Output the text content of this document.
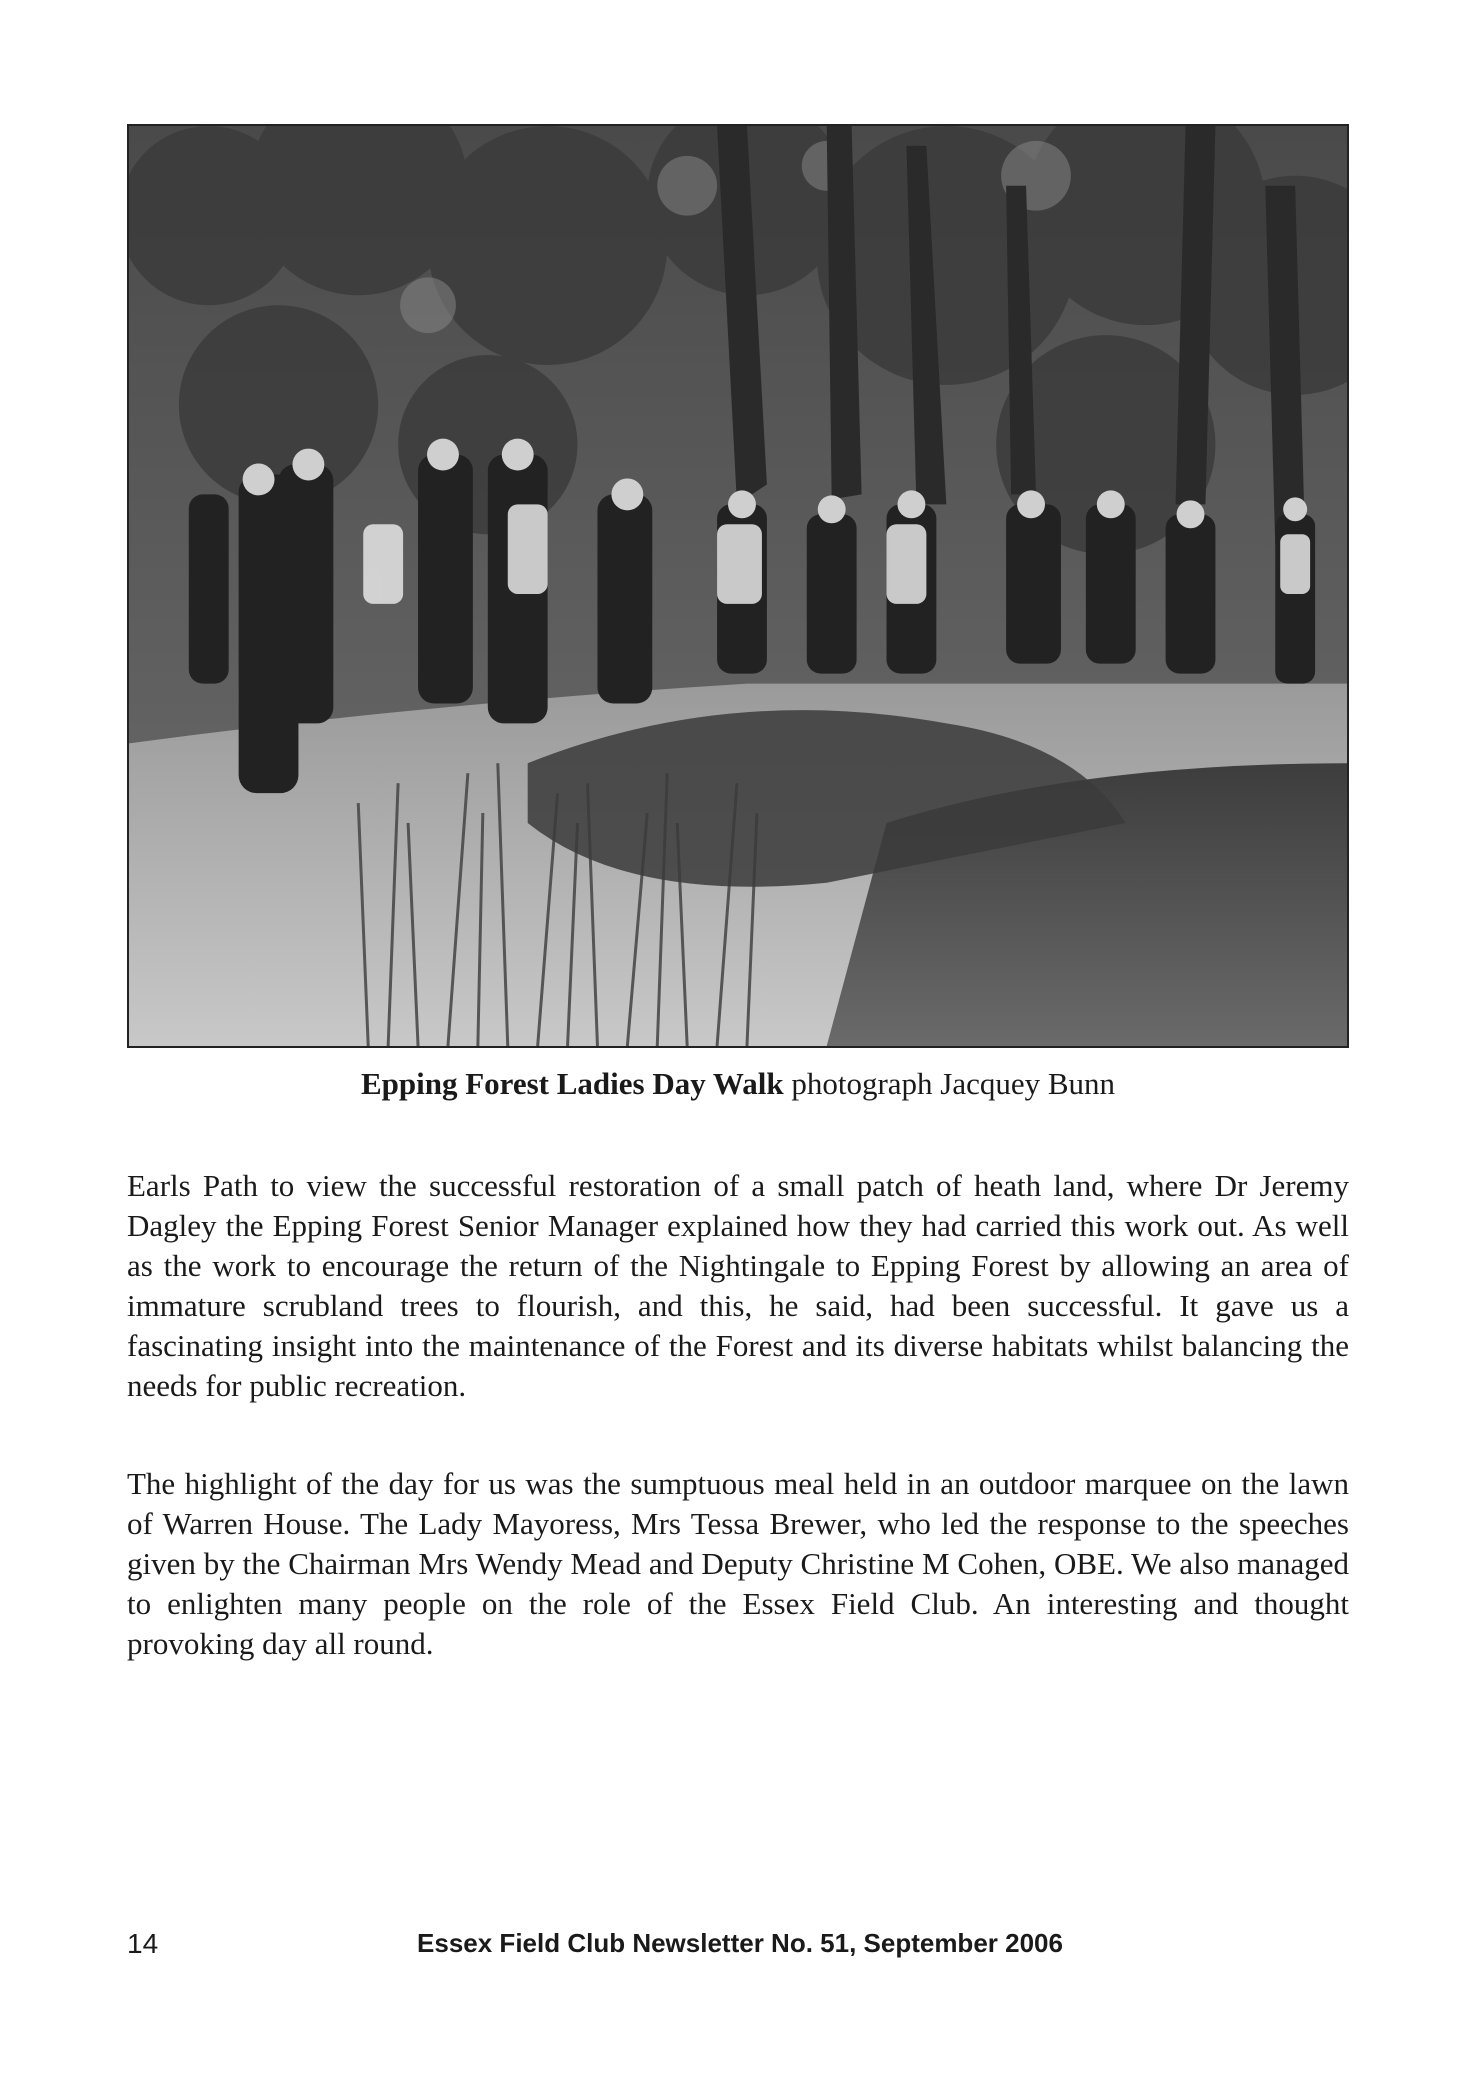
Epping Forest Ladies Day Walk photograph Jacquey Bunn

Earls Path to view the successful restoration of a small patch of heath land, where Dr Jeremy Dagley the Epping Forest Senior Manager explained how they had carried this work out. As well as the work to encourage the return of the Nightingale to Epping Forest by allowing an area of immature scrubland trees to flourish, and this, he said, had been successful. It gave us a fascinating insight into the maintenance of the Forest and its diverse habitats whilst balancing the needs for public recreation.

The highlight of the day for us was the sumptuous meal held in an outdoor marquee on the lawn of Warren House. The Lady Mayoress, Mrs Tessa Brewer, who led the response to the speeches given by the Chairman Mrs Wendy Mead and Deputy Christine M Cohen, OBE. We also managed to enlighten many people on the role of the Essex Field Club. An interesting and thought provoking day all round.

14	Essex Field Club Newsletter No. 51, September 2006
